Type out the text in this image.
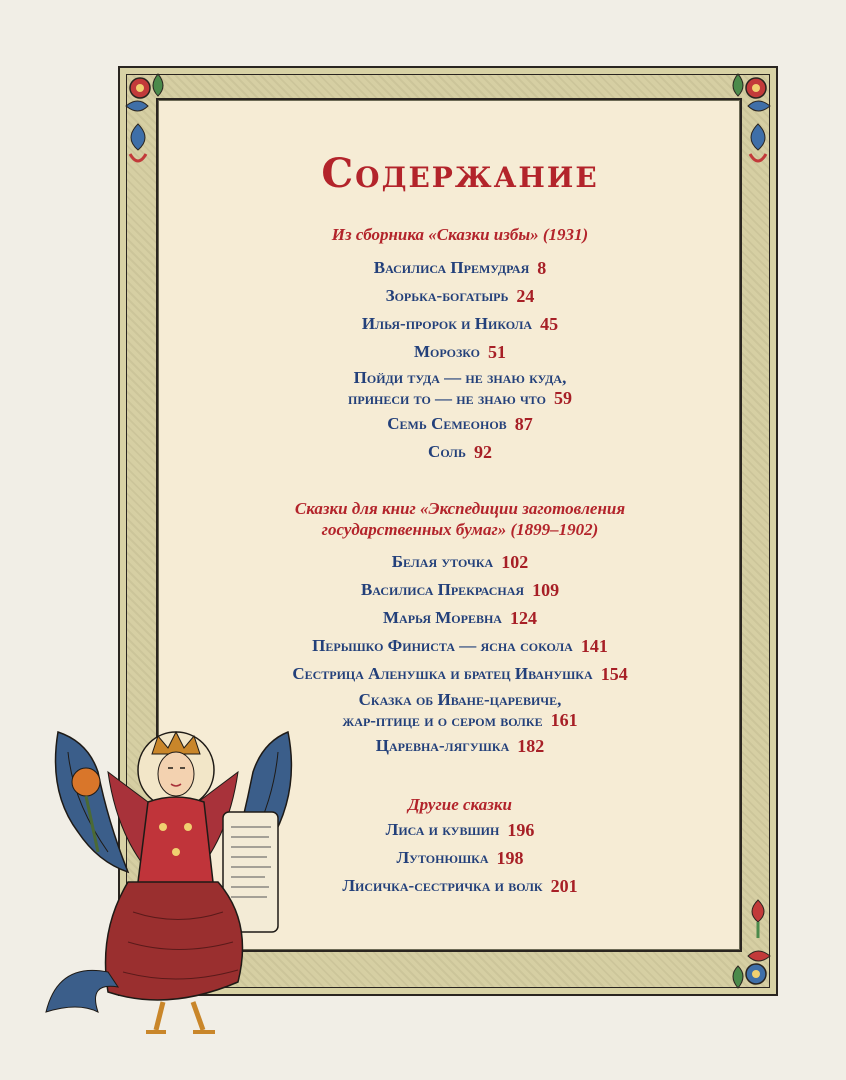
Содержание
Из сборника «Сказки избы» (1931)
Василиса Премудрая 8
Зорька-богатырь 24
Илья-пророк и Никола 45
Морозко 51
Пойди туда — не знаю куда,
принеси то — не знаю что 59
Семь Семеонов 87
Соль 92
Сказки для книг «Экспедиции заготовления
государственных бумаг» (1899–1902)
Белая уточка 102
Василиса Прекрасная 109
Марья Моревна 124
Перышко Финиста — ясна сокола 141
Сестрица Аленушка и братец Иванушка 154
Сказка об Иване-царевиче,
жар-птице и о сером волке 161
Царевна-лягушка 182
Другие сказки
Лиса и кувшин 196
Лутонюшка 198
Лисичка-сестричка и волк 201
